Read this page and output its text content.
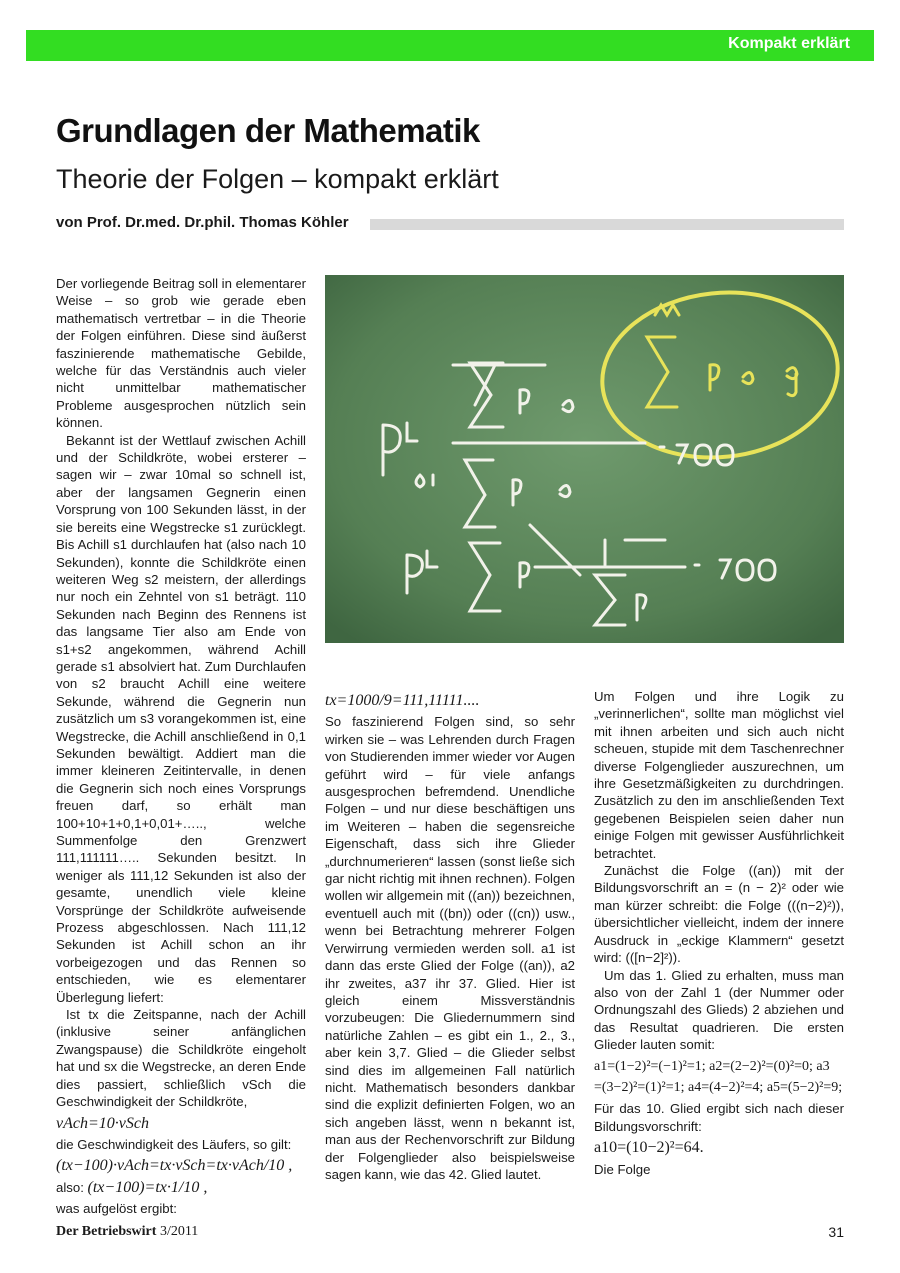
Kompakt erklärt
Grundlagen der Mathematik
Theorie der Folgen – kompakt erklärt
von Prof. Dr.med. Dr.phil. Thomas Köhler

Der vorliegende Beitrag soll in elementarer Weise – so grob wie gerade eben mathematisch vertretbar – in die Theorie der Folgen einführen. Diese sind äußerst faszinierende mathematische Gebilde, welche für das Verständnis auch vieler nicht unmittelbar mathematischer Probleme ausgesprochen nützlich sein können.

Bekannt ist der Wettlauf zwischen Achill und der Schildkröte, wobei ersterer – sagen wir – zwar 10mal so schnell ist, aber der langsamen Gegnerin einen Vorsprung von 100 Sekunden lässt, in der sie bereits eine Wegstrecke s1 zurücklegt. Bis Achill s1 durchlaufen hat (also nach 10 Sekunden), konnte die Schildkröte einen weiteren Weg s2 meistern, der allerdings nur noch ein Zehntel von s1 beträgt. 110 Sekunden nach Beginn des Rennens ist das langsame Tier also am Ende von s1+s2 angekommen, während Achill gerade s1 absolviert hat. Zum Durchlaufen von s2 braucht Achill eine weitere Sekunde, während die Gegnerin nun zusätzlich um s3 vorangekommen ist, eine Wegstrecke, die Achill anschließend in 0,1 Sekunden bewältigt. Addiert man die immer kleineren Zeitintervalle, in denen die Gegnerin sich noch eines Vorsprungs freuen darf, so erhält man 100+10+1+0,1+0,01+….., welche Summenfolge den Grenzwert 111,111111….. Sekunden besitzt. In weniger als 111,12 Sekunden ist also der gesamte, unendlich viele kleine Vorsprünge der Schildkröte aufweisende Prozess abgeschlossen. Nach 111,12 Sekunden ist Achill schon an ihr vorbeigezogen und das Rennen so entschieden, wie es elementarer Überlegung liefert:

Ist tx die Zeitspanne, nach der Achill (inklusive seiner anfänglichen Zwangspause) die Schildkröte eingeholt hat und sx die Wegstrecke, an deren Ende dies passiert, schließlich vSch die Geschwindigkeit der Schildkröte,

vAch=10·vSch

die Geschwindigkeit des Läufers, so gilt:

(tx−100)·vAch=tx·vSch=tx·vAch/10 ,
also: (tx−100)=tx·1/10 ,

was aufgelöst ergibt:

tx=1000/9=111,11111....

So faszinierend Folgen sind, so sehr wirken sie – was Lehrenden durch Fragen von Studierenden immer wieder vor Augen geführt wird – für viele anfangs ausgesprochen befremdend. Unendliche Folgen – und nur diese beschäftigen uns im Weiteren – haben die segensreiche Eigenschaft, dass sich ihre Glieder „durchnumerieren“ lassen (sonst ließe sich gar nicht richtig mit ihnen rechnen). Folgen wollen wir allgemein mit ((an)) bezeichnen, eventuell auch mit ((bn)) oder ((cn)) usw., wenn bei Betrachtung mehrerer Folgen Verwirrung vermieden werden soll. a1 ist dann das erste Glied der Folge ((an)), a2 ihr zweites, a37 ihr 37. Glied. Hier ist gleich einem Missverständnis vorzubeugen: Die Gliedernummern sind natürliche Zahlen – es gibt ein 1., 2., 3., aber kein 3,7. Glied – die Glieder selbst sind dies im allgemeinen Fall natürlich nicht. Mathematisch besonders dankbar sind die explizit definierten Folgen, wo an sich angeben lässt, wenn n bekannt ist, man aus der Rechenvorschrift zur Bildung der Folgenglieder also beispielsweise sagen kann, wie das 42. Glied lautet.

Um Folgen und ihre Logik zu „verinnerlichen“, sollte man möglichst viel mit ihnen arbeiten und sich auch nicht scheuen, stupide mit dem Taschenrechner diverse Folgenglieder auszurechnen, um ihre Gesetzmäßigkeiten zu durchdringen. Zusätzlich zu den im anschließenden Text gegebenen Beispielen seien daher nun einige Folgen mit gewisser Ausführlichkeit betrachtet.

Zunächst die Folge ((an)) mit der Bildungsvorschrift an = (n − 2)² oder wie man kürzer schreibt: die Folge (((n−2)²)), übersichtlicher vielleicht, indem der innere Ausdruck in „eckige Klammern“ gesetzt wird: (([n−2]²)).

Um das 1. Glied zu erhalten, muss man also von der Zahl 1 (der Nummer oder Ordnungszahl des Glieds) 2 abziehen und das Resultat quadrieren. Die ersten Glieder lauten somit:

a1=(1−2)²=(−1)²=1; a2=(2−2)²=(0)²=0; a3
=(3−2)²=(1)²=1; a4=(4−2)²=4; a5=(5−2)²=9;

Für das 10. Glied ergibt sich nach dieser Bildungsvorschrift:

a10=(10−2)²=64.

Die Folge

Der Betriebswirt 3/2011	31
